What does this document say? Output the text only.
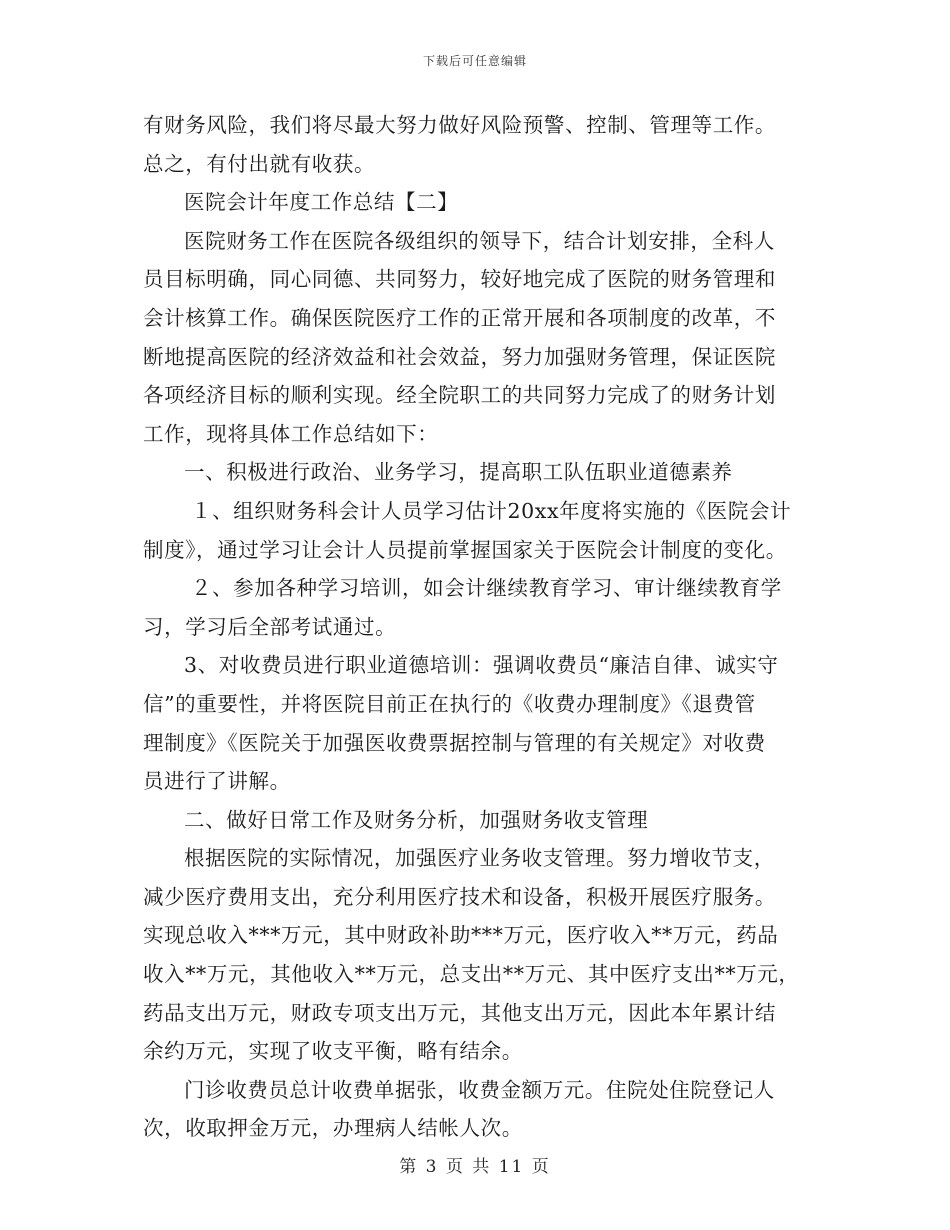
下载后可任意编辑
有财务风险，我们将尽最大努力做好风险预警、控制、管理等工作。
总之，有付出就有收获。
医院会计年度工作总结【二】
医院财务工作在医院各级组织的领导下，结合计划安排，全科人
员目标明确，同心同德、共同努力，较好地完成了医院的财务管理和
会计核算工作。确保医院医疗工作的正常开展和各项制度的改革，不
断地提高医院的经济效益和社会效益，努力加强财务管理，保证医院
各项经济目标的顺利实现。经全院职工的共同努力完成了的财务计划
工作，现将具体工作总结如下：
一、积极进行政治、业务学习，提高职工队伍职业道德素养
１、组织财务科会计人员学习估计20xx年度将实施的《医院会计
制度》，通过学习让会计人员提前掌握国家关于医院会计制度的变化。
２、参加各种学习培训，如会计继续教育学习、审计继续教育学
习，学习后全部考试通过。
3、对收费员进行职业道德培训：强调收费员“廉洁自律、诚实守
信”的重要性，并将医院目前正在执行的《收费办理制度》《退费管
理制度》《医院关于加强医收费票据控制与管理的有关规定》对收费
员进行了讲解。
二、做好日常工作及财务分析，加强财务收支管理
根据医院的实际情况，加强医疗业务收支管理。努力增收节支，
减少医疗费用支出，充分利用医疗技术和设备，积极开展医疗服务。
实现总收入***万元，其中财政补助***万元，医疗收入**万元，药品
收入**万元，其他收入**万元，总支出**万元、其中医疗支出**万元，
药品支出万元，财政专项支出万元，其他支出万元，因此本年累计结
余约万元，实现了收支平衡，略有结余。
门诊收费员总计收费单据张，收费金额万元。住院处住院登记人
次，收取押金万元，办理病人结帐人次。
第 3 页 共 11 页
